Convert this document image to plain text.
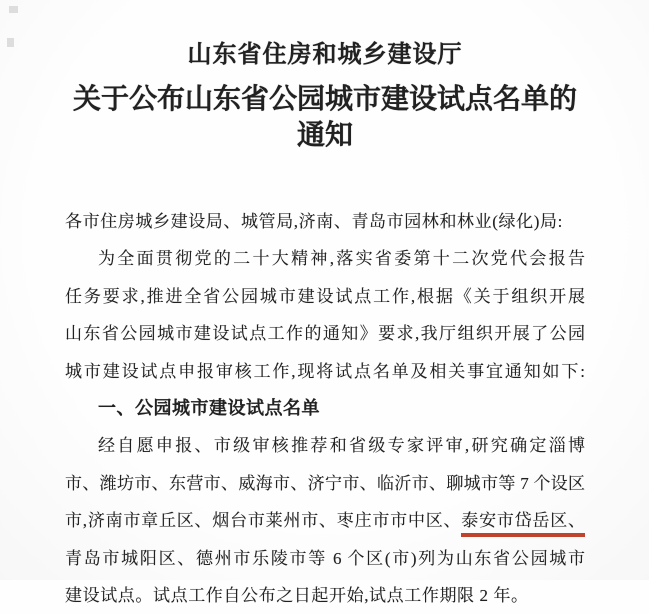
山东省住房和城乡建设厅
关于公布山东省公园城市建设试点名单的通知

各市住房城乡建设局、城管局,济南、青岛市园林和林业(绿化)局:

为全面贯彻党的二十大精神,落实省委第十二次党代会报告

任务要求,推进全省公园城市建设试点工作,根据《关于组织开展

山东省公园城市建设试点工作的通知》要求,我厅组织开展了公园

城市建设试点申报审核工作,现将试点名单及相关事宜通知如下:

一、公园城市建设试点名单

经自愿申报、市级审核推荐和省级专家评审,研究确定淄博

市、潍坊市、东营市、威海市、济宁市、临沂市、聊城市等 7 个设区

市,济南市章丘区、烟台市莱州市、枣庄市市中区、泰安市岱岳区、

青岛市城阳区、德州市乐陵市等 6 个区(市)列为山东省公园城市

建设试点。试点工作自公布之日起开始,试点工作期限 2 年。
